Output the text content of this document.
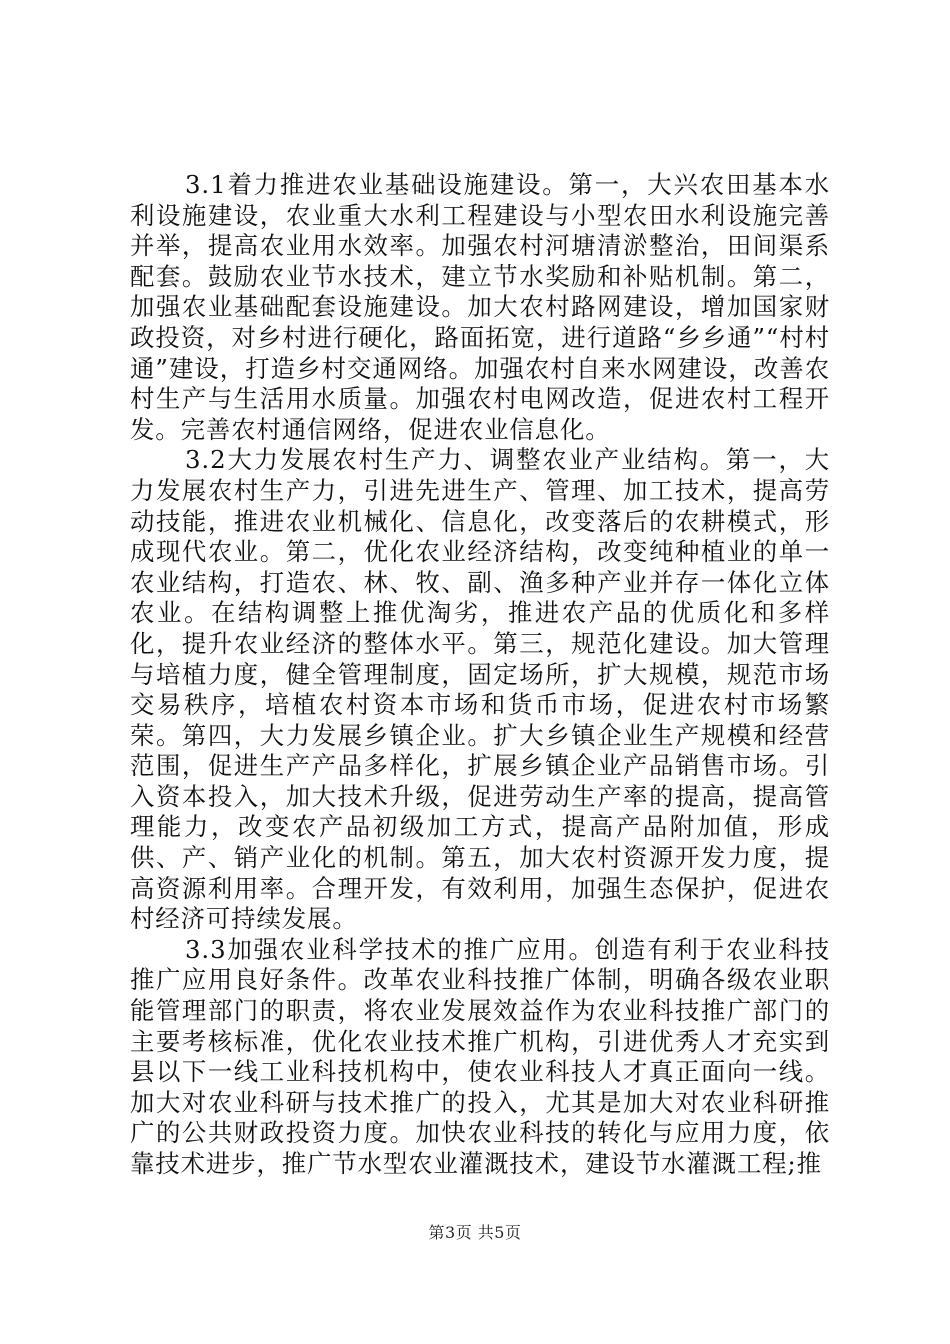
3.1着力推进农业基础设施建设。第一，大兴农田基本水利设施建设，农业重大水利工程建设与小型农田水利设施完善并举，提高农业用水效率。加强农村河塘清淤整治，田间渠系配套。鼓励农业节水技术，建立节水奖励和补贴机制。第二，加强农业基础配套设施建设。加大农村路网建设，增加国家财政投资，对乡村进行硬化，路面拓宽，进行道路“乡乡通”“村村通”建设，打造乡村交通网络。加强农村自来水网建设，改善农村生产与生活用水质量。加强农村电网改造，促进农村工程开发。完善农村通信网络，促进农业信息化。

3.2大力发展农村生产力、调整农业产业结构。第一，大力发展农村生产力，引进先进生产、管理、加工技术，提高劳动技能，推进农业机械化、信息化，改变落后的农耕模式，形成现代农业。第二，优化农业经济结构，改变纯种植业的单一农业结构，打造农、林、牧、副、渔多种产业并存一体化立体农业。在结构调整上推优淘劣，推进农产品的优质化和多样化，提升农业经济的整体水平。第三，规范化建设。加大管理与培植力度，健全管理制度，固定场所，扩大规模，规范市场交易秩序，培植农村资本市场和货币市场，促进农村市场繁荣。第四，大力发展乡镇企业。扩大乡镇企业生产规模和经营范围，促进生产产品多样化，扩展乡镇企业产品销售市场。引入资本投入，加大技术升级，促进劳动生产率的提高，提高管理能力，改变农产品初级加工方式，提高产品附加值，形成供、产、销产业化的机制。第五，加大农村资源开发力度，提高资源利用率。合理开发，有效利用，加强生态保护，促进农村经济可持续发展。

3.3加强农业科学技术的推广应用。创造有利于农业科技推广应用良好条件。改革农业科技推广体制，明确各级农业职能管理部门的职责，将农业发展效益作为农业科技推广部门的主要考核标准，优化农业技术推广机构，引进优秀人才充实到县以下一线工业科技机构中，使农业科技人才真正面向一线。加大对农业科研与技术推广的投入，尤其是加大对农业科研推广的公共财政投资力度。加快农业科技的转化与应用力度，依靠技术进步，推广节水型农业灌溉技术，建设节水灌溉工程;推

第3页 共5页
